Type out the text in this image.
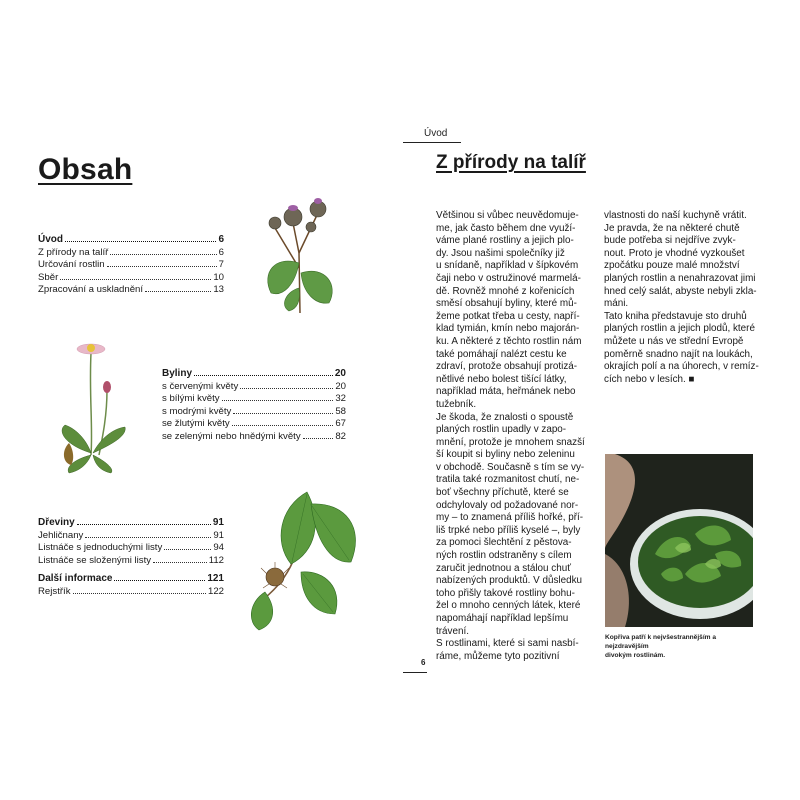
Obsah
Úvod	6
Z přírody na talíř	6
Určování rostlin	7
Sběr	10
Zpracování a uskladnění	13
Byliny	20
s červenými květy	20
s bílými květy	32
s modrými květy	58
se žlutými květy	67
se zelenými nebo hnědými květy	82
Dřeviny	91
Jehličnany	91
Listnáče s jednoduchými listy	94
Listnáče se složenými listy	112
Další informace	121
Rejstřík	122
Úvod
Z přírody na talíř

Většinou si vůbec neuvědomuje-

me, jak často během dne využí-

váme plané rostliny a jejich plo-

dy. Jsou našimi společníky již

u snídaně, například v šípkovém

čaji nebo v ostružinové marmelá-

dě. Rovněž mnohé z kořenicích

směsí obsahují byliny, které mů-

žeme potkat třeba u cesty, napří-

klad tymián, kmín nebo majorán-

ku. A některé z těchto rostlin nám

také pomáhají nalézt cestu ke

zdraví, protože obsahují protizá-

nětlivé nebo bolest tišící látky,

například máta, heřmánek nebo

tužebník.

Je škoda, že znalosti o spoustě

planých rostlin upadly v zapo-

mnění, protože je mnohem snazší

ší koupit si byliny nebo zeleninu

v obchodě. Současně s tím se vy-

tratila také rozmanitost chutí, ne-

boť všechny příchutě, které se

odchylovaly od požadované nor-

my – to znamená příliš hořké, pří-

liš trpké nebo příliš kyselé –, byly

za pomoci šlechtění z pěstova-

ných rostlin odstraněny s cílem

zaručit jednotnou a stálou chuť

nabízených produktů. V důsledku

toho přišly takové rostliny bohu-

žel o mnoho cenných látek, které

napomáhají například lepšímu

trávení.

S rostlinami, které si sami nasbí-

ráme, můžeme tyto pozitivní

vlastnosti do naší kuchyně vrátit.

Je pravda, že na některé chutě

bude potřeba si nejdříve zvyk-

nout. Proto je vhodné vyzkoušet

zpočátku pouze malé množství

planých rostlin a nenahrazovat jimi

hned celý salát, abyste nebyli zkla-

máni.

Tato kniha představuje sto druhů

planých rostlin a jejich plodů, které

můžete u nás ve střední Evropě

poměrně snadno najít na loukách,

okrajích polí a na úhorech, v remíz-

cích nebo v lesích. ■

Kopřiva patří k nejvšestrannějším a nejzdravějším
divokým rostlinám.
6
